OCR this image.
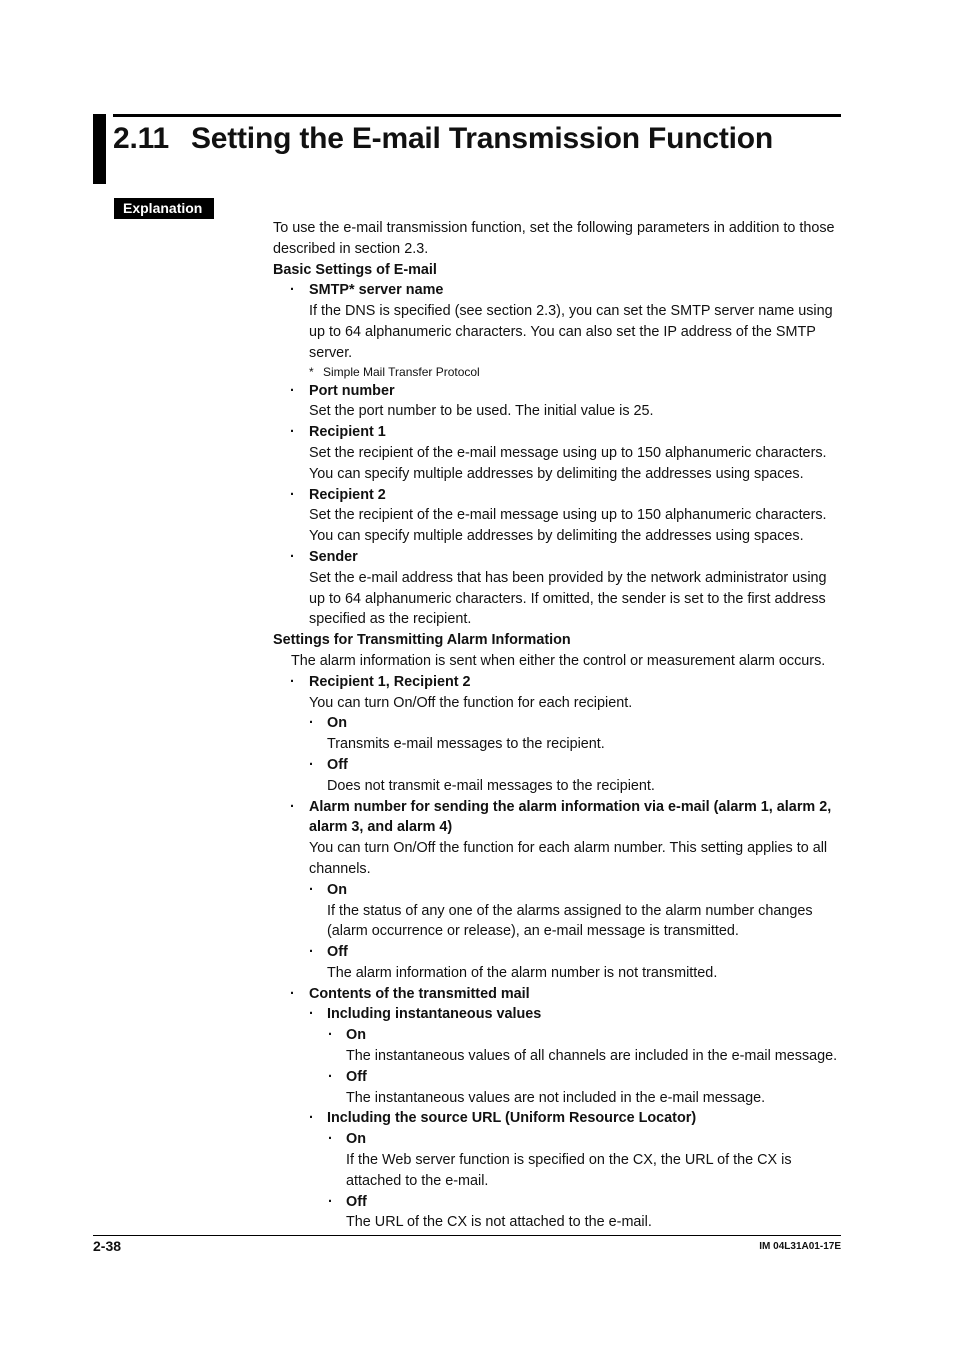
2.11 Setting the E-mail Transmission Function
Explanation

To use the e-mail transmission function, set the following parameters in addition to those described in section 2.3.

Basic Settings of E-mail

· SMTP* server name

If the DNS is specified (see section 2.3), you can set the SMTP server name using up to 64 alphanumeric characters. You can also set the IP address of the SMTP server.

* Simple Mail Transfer Protocol
· Port number

Set the port number to be used. The initial value is 25.

· Recipient 1

Set the recipient of the e-mail message using up to 150 alphanumeric characters. You can specify multiple addresses by delimiting the addresses using spaces.

· Recipient 2

Set the recipient of the e-mail message using up to 150 alphanumeric characters. You can specify multiple addresses by delimiting the addresses using spaces.

· Sender

Set the e-mail address that has been provided by the network administrator using up to 64 alphanumeric characters. If omitted, the sender is set to the first address specified as the recipient.

Settings for Transmitting Alarm Information

The alarm information is sent when either the control or measurement alarm occurs.

· Recipient 1, Recipient 2

You can turn On/Off the function for each recipient.

· On

Transmits e-mail messages to the recipient.

· Off

Does not transmit e-mail messages to the recipient.

· Alarm number for sending the alarm information via e-mail (alarm 1, alarm 2, alarm 3, and alarm 4)

You can turn On/Off the function for each alarm number. This setting applies to all channels.

· On

If the status of any one of the alarms assigned to the alarm number changes (alarm occurrence or release), an e-mail message is transmitted.

· Off

The alarm information of the alarm number is not transmitted.

· Contents of the transmitted mail

· Including instantaneous values

· On

The instantaneous values of all channels are included in the e-mail message.

· Off

The instantaneous values are not included in the e-mail message.

· Including the source URL (Uniform Resource Locator)

· On

If the Web server function is specified on the CX, the URL of the CX is attached to the e-mail.

· Off

The URL of the CX is not attached to the e-mail.

2-38	IM 04L31A01-17E
